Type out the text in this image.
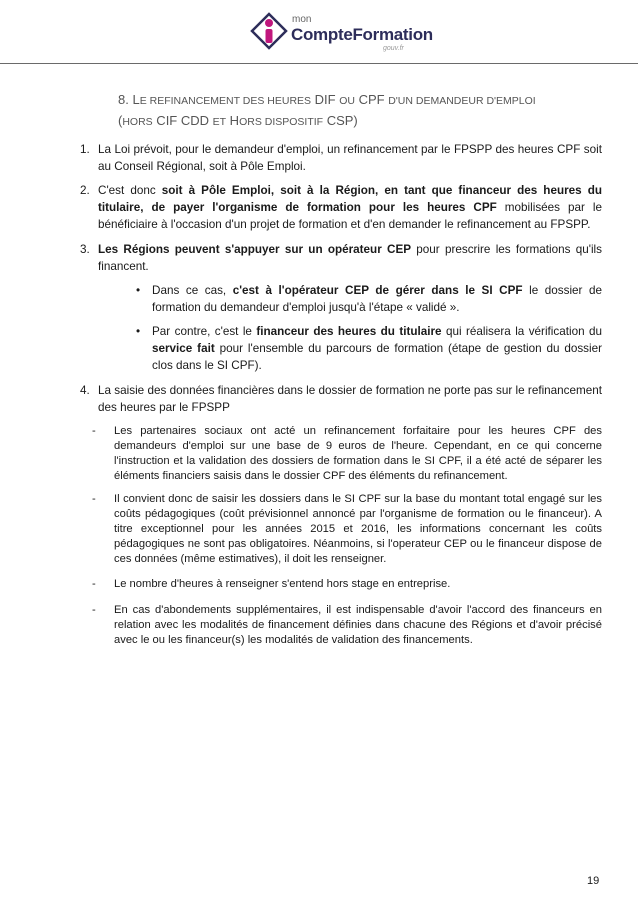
mon
CompteFormation
gouv.fr
8. LE REFINANCEMENT DES HEURES DIF OU CPF D'UN DEMANDEUR D'EMPLOI
(HORS CIF CDD ET HORS DISPOSITIF CSP)
1. La Loi prévoit, pour le demandeur d'emploi, un refinancement par le FPSPP des heures CPF soit au Conseil Régional, soit à Pôle Emploi.
2. C'est donc soit à Pôle Emploi, soit à la Région, en tant que financeur des heures du titulaire, de payer l'organisme de formation pour les heures CPF mobilisées par le bénéficiaire à l'occasion d'un projet de formation et d'en demander le refinancement au FPSPP.
3. Les Régions peuvent s'appuyer sur un opérateur CEP pour prescrire les formations qu'ils financent.
• Dans ce cas, c'est à l'opérateur CEP de gérer dans le SI CPF le dossier de formation du demandeur d'emploi jusqu'à l'étape « validé ».
• Par contre, c'est le financeur des heures du titulaire qui réalisera la vérification du service fait pour l'ensemble du parcours de formation (étape de gestion du dossier clos dans le SI CPF).
4. La saisie des données financières dans le dossier de formation ne porte pas sur le refinancement des heures par le FPSPP
- Les partenaires sociaux ont acté un refinancement forfaitaire pour les heures CPF des demandeurs d'emploi sur une base de 9 euros de l'heure. Cependant, en ce qui concerne l'instruction et la validation des dossiers de formation dans le SI CPF, il a été acté de séparer les éléments financiers saisis dans le dossier CPF des éléments du refinancement.
- Il convient donc de saisir les dossiers dans le SI CPF sur la base du montant total engagé sur les coûts pédagogiques (coût prévisionnel annoncé par l'organisme de formation ou le financeur). A titre exceptionnel pour les années 2015 et 2016, les informations concernant les coûts pédagogiques ne sont pas obligatoires. Néanmoins, si l'operateur CEP ou le financeur dispose de ces données (même estimatives), il doit les renseigner.
- Le nombre d'heures à renseigner s'entend hors stage en entreprise.
- En cas d'abondements supplémentaires, il est indispensable d'avoir l'accord des financeurs en relation avec les modalités de financement définies dans chacune des Régions et d'avoir précisé avec le ou les financeur(s) les modalités de validation des financements.
19
